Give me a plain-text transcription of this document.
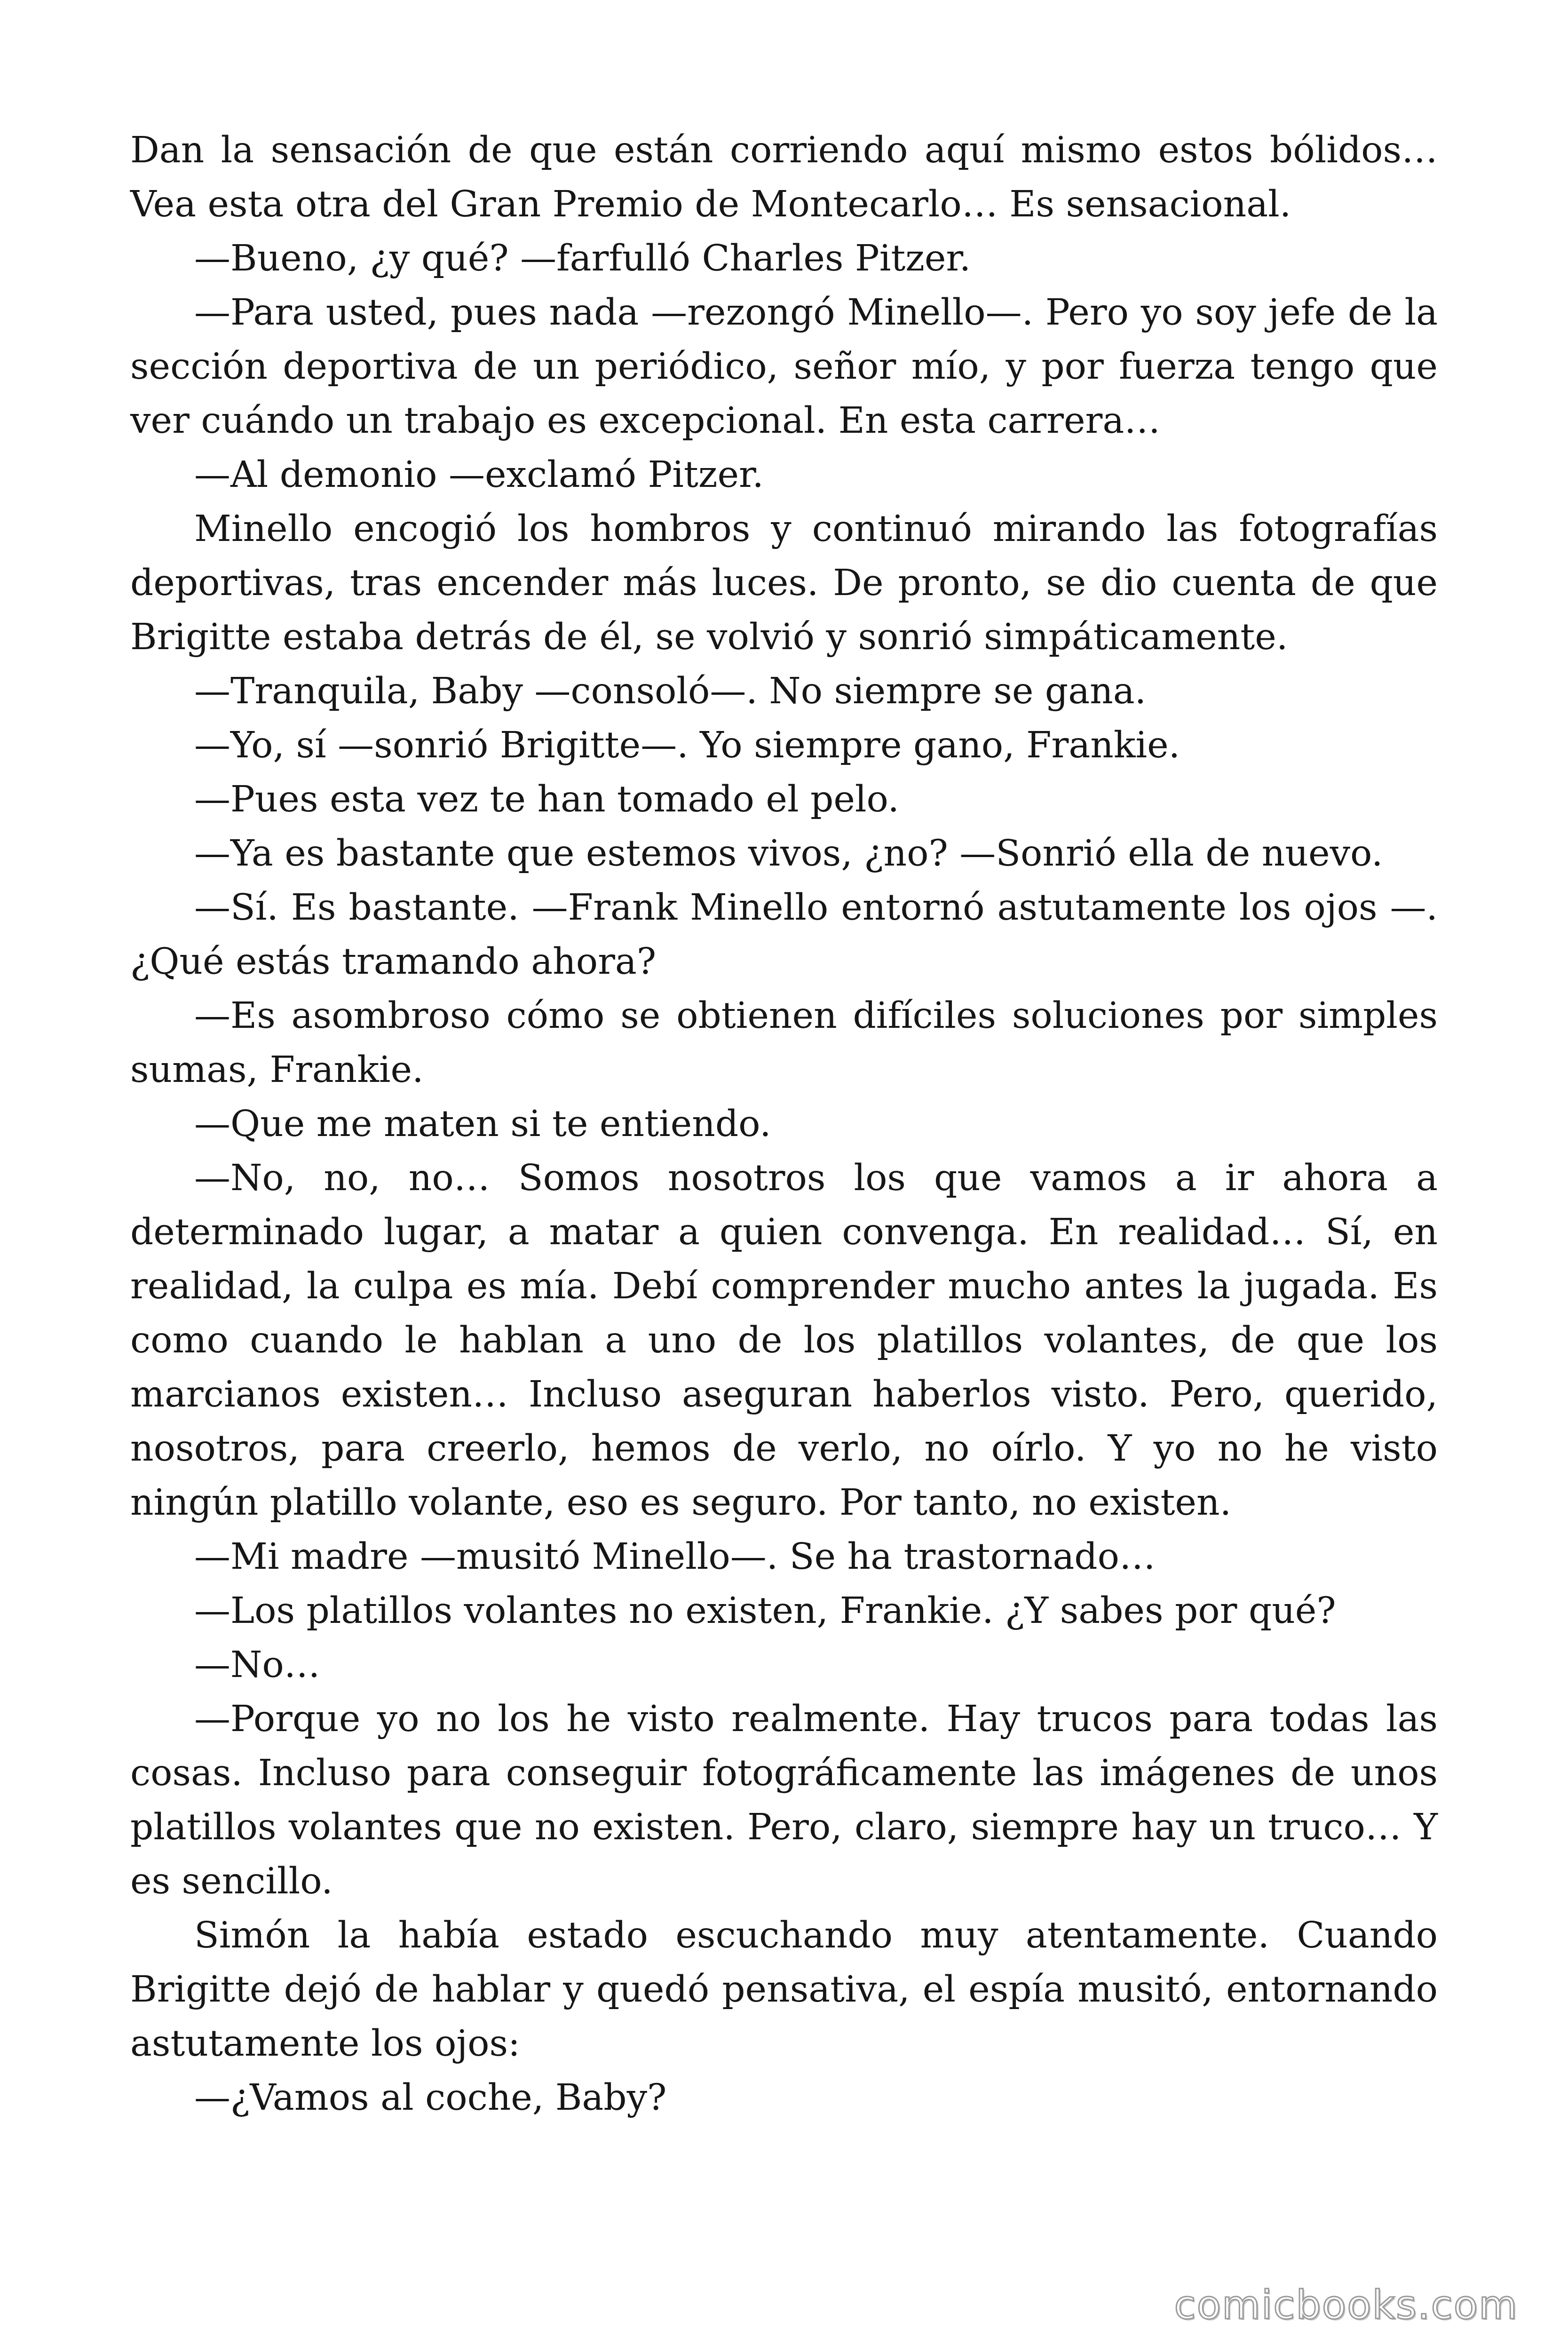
Dan la sensación de que están corriendo aquí mismo estos bólidos… Vea esta otra del Gran Premio de Montecarlo… Es sensacional.

—Bueno, ¿y qué? —farfulló Charles Pitzer.

—Para usted, pues nada —rezongó Minello—. Pero yo soy jefe de la sección deportiva de un periódico, señor mío, y por fuerza tengo que ver cuándo un trabajo es excepcional. En esta carrera…

—Al demonio —exclamó Pitzer.

Minello encogió los hombros y continuó mirando las fotografías deportivas, tras encender más luces. De pronto, se dio cuenta de que Brigitte estaba detrás de él, se volvió y sonrió simpáticamente.

—Tranquila, Baby —consoló—. No siempre se gana.

—Yo, sí —sonrió Brigitte—. Yo siempre gano, Frankie.

—Pues esta vez te han tomado el pelo.

—Ya es bastante que estemos vivos, ¿no? —Sonrió ella de nuevo.

—Sí. Es bastante. —Frank Minello entornó astutamente los ojos —. ¿Qué estás tramando ahora?

—Es asombroso cómo se obtienen difíciles soluciones por simples sumas, Frankie.

—Que me maten si te entiendo.

—No, no, no… Somos nosotros los que vamos a ir ahora a determinado lugar, a matar a quien convenga. En realidad… Sí, en realidad, la culpa es mía. Debí comprender mucho antes la jugada. Es como cuando le hablan a uno de los platillos volantes, de que los marcianos existen… Incluso aseguran haberlos visto. Pero, querido, nosotros, para creerlo, hemos de verlo, no oírlo. Y yo no he visto ningún platillo volante, eso es seguro. Por tanto, no existen.

—Mi madre —musitó Minello—. Se ha trastornado…

—Los platillos volantes no existen, Frankie. ¿Y sabes por qué?

—No…

—Porque yo no los he visto realmente. Hay trucos para todas las cosas. Incluso para conseguir fotográficamente las imágenes de unos platillos volantes que no existen. Pero, claro, siempre hay un truco… Y es sencillo.

Simón la había estado escuchando muy atentamente. Cuando Brigitte dejó de hablar y quedó pensativa, el espía musitó, entornando astutamente los ojos:

—¿Vamos al coche, Baby?

comicbooks.com
